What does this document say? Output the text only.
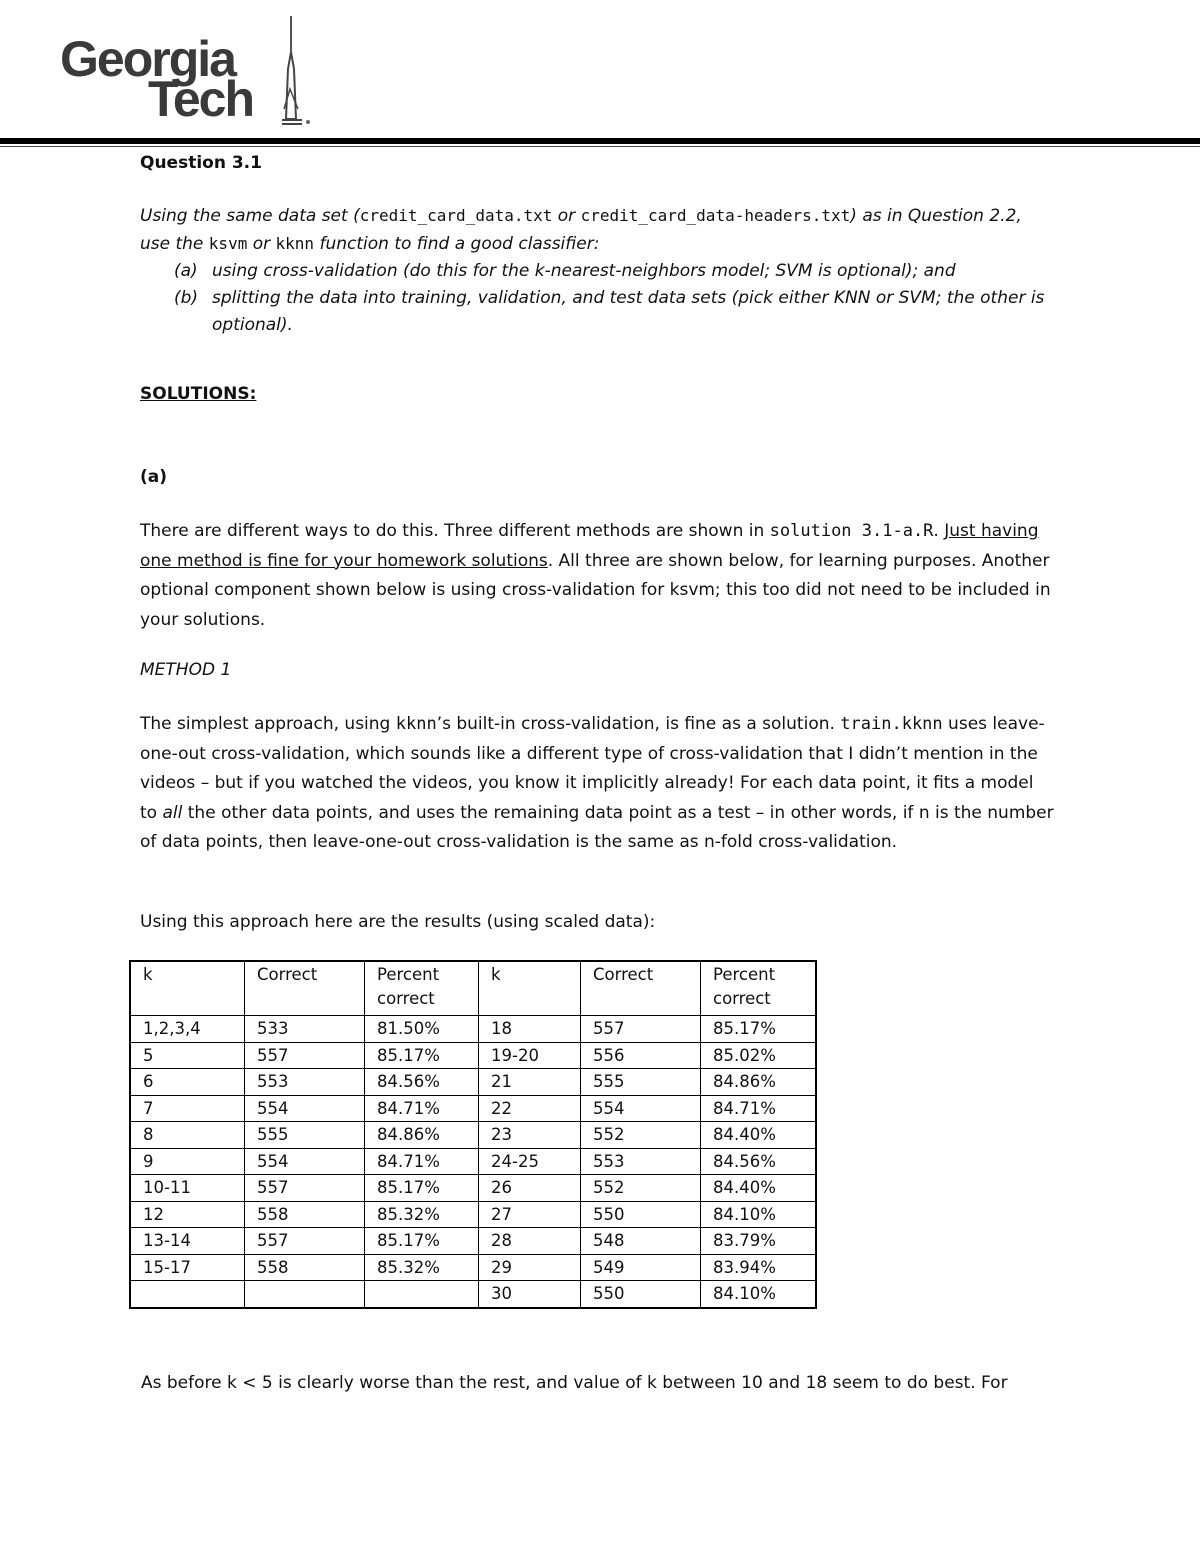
Georgia
Tech

Question 3.1

Using the same data set (credit_card_data.txt or credit_card_data-headers.txt) as in Question 2.2, use the ksvm or kknn function to find a good classifier:

(a) using cross-validation (do this for the k-nearest-neighbors model; SVM is optional); and

(b) splitting the data into training, validation, and test data sets (pick either KNN or SVM; the other is optional).

SOLUTIONS:

(a)

There are different ways to do this. Three different methods are shown in solution 3.1-a.R. Just having one method is fine for your homework solutions. All three are shown below, for learning purposes. Another optional component shown below is using cross-validation for ksvm; this too did not need to be included in your solutions.

METHOD 1

The simplest approach, using kknn’s built-in cross-validation, is fine as a solution. train.kknn uses leave-one-out cross-validation, which sounds like a different type of cross-validation that I didn’t mention in the videos – but if you watched the videos, you know it implicitly already! For each data point, it fits a model to all the other data points, and uses the remaining data point as a test – in other words, if n is the number of data points, then leave-one-out cross-validation is the same as n-fold cross-validation.

Using this approach here are the results (using scaled data):

k	Correct	Percent correct	k	Correct	Percent correct
1,2,3,4	533	81.50%	18	557	85.17%
5	557	85.17%	19-20	556	85.02%
6	553	84.56%	21	555	84.86%
7	554	84.71%	22	554	84.71%
8	555	84.86%	23	552	84.40%
9	554	84.71%	24-25	553	84.56%
10-11	557	85.17%	26	552	84.40%
12	558	85.32%	27	550	84.10%
13-14	557	85.17%	28	548	83.79%
15-17	558	85.32%	29	549	83.94%
			30	550	84.10%

As before k < 5 is clearly worse than the rest, and value of k between 10 and 18 seem to do best. For
